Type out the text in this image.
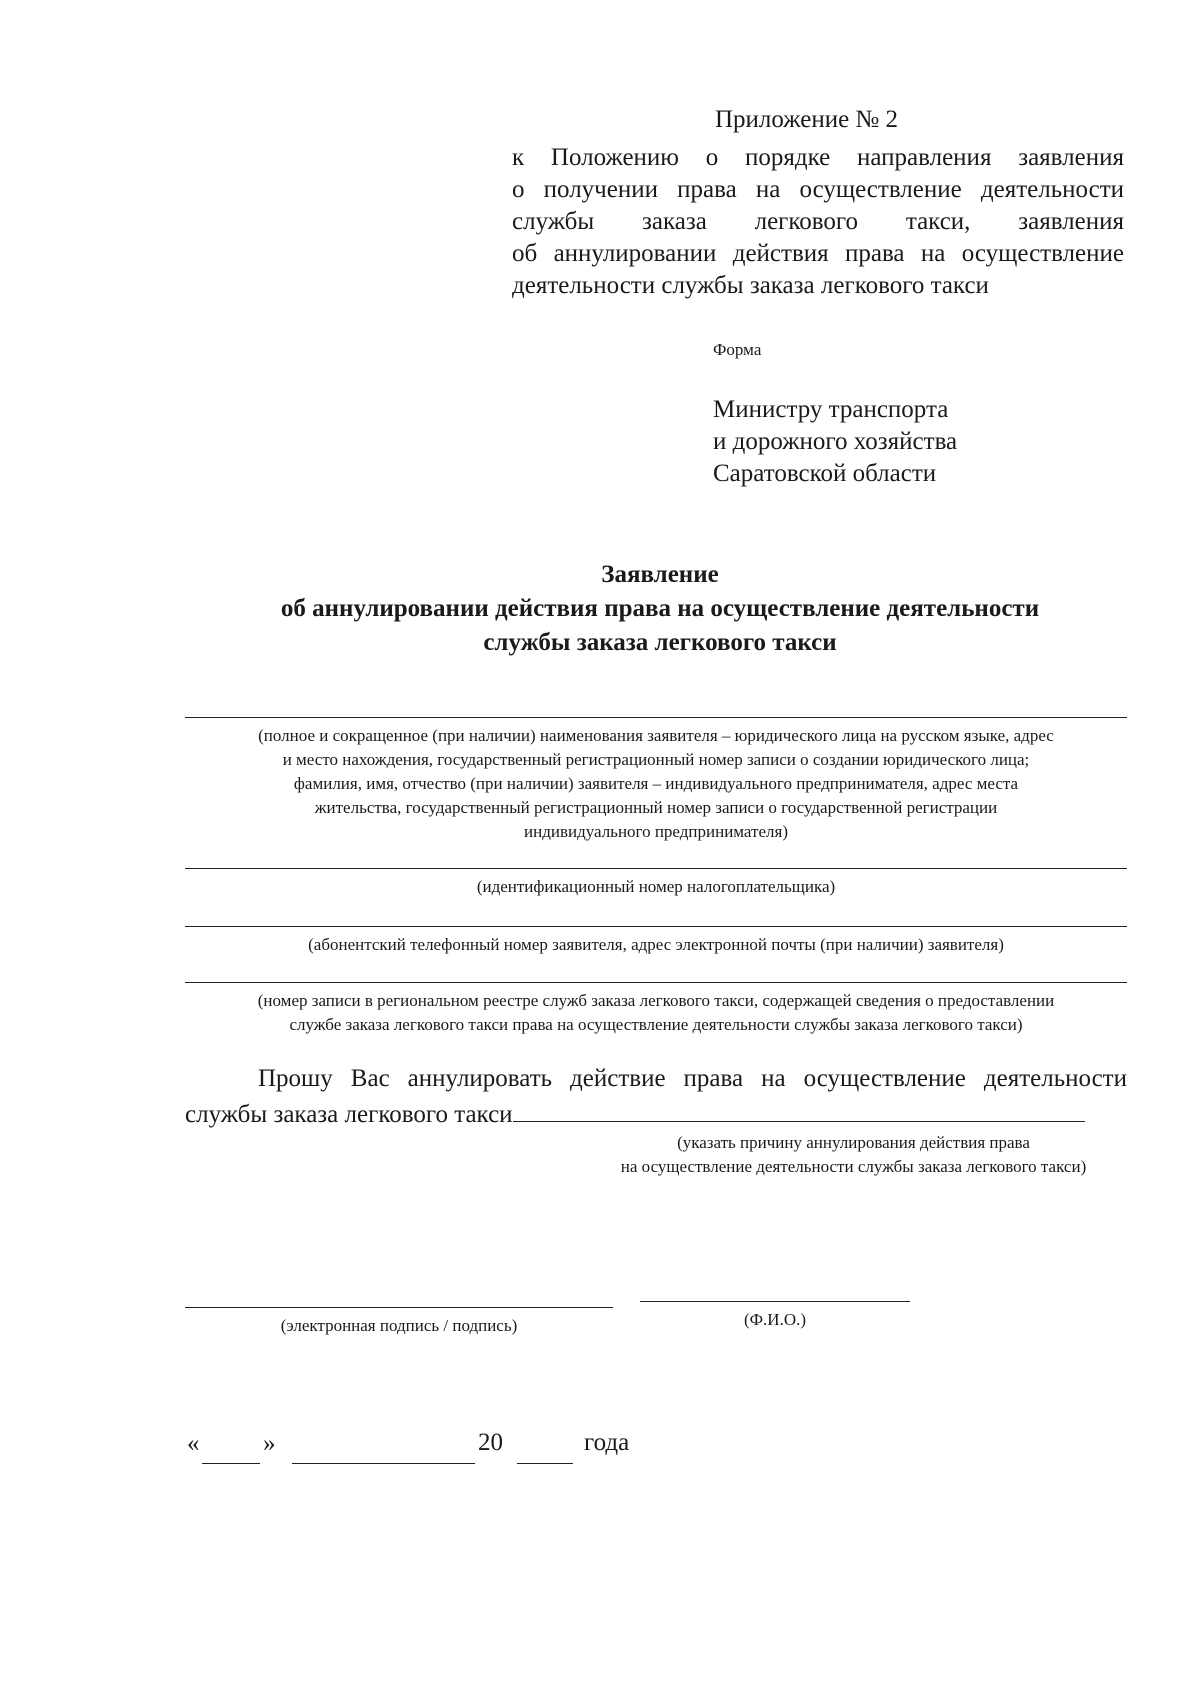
Приложение № 2
к Положению о порядке направления заявления
о получении права на осуществление деятельности
службы заказа легкового такси, заявления
об аннулировании действия права на осуществление
деятельности службы заказа легкового такси
Форма
Министру транспорта
и дорожного хозяйства
Саратовской области
Заявление
об аннулировании действия права на осуществление деятельности
службы заказа легкового такси
(полное и сокращенное (при наличии) наименования заявителя – юридического лица на русском языке, адрес
и место нахождения, государственный регистрационный номер записи о создании юридического лица;
фамилия, имя, отчество (при наличии) заявителя – индивидуального предпринимателя, адрес места
жительства, государственный регистрационный номер записи о государственной регистрации
индивидуального предпринимателя)
(идентификационный номер налогоплательщика)
(абонентский телефонный номер заявителя, адрес электронной почты (при наличии) заявителя)
(номер записи в региональном реестре служб заказа легкового такси, содержащей сведения о предоставлении
службе заказа легкового такси права на осуществление деятельности службы заказа легкового такси)
Прошу Вас аннулировать действие права на осуществление деятельности
службы заказа легкового такси
(указать причину аннулирования действия права
на осуществление деятельности службы заказа легкового такси)
(электронная подпись / подпись)	(Ф.И.О.)
«	»	20	года
